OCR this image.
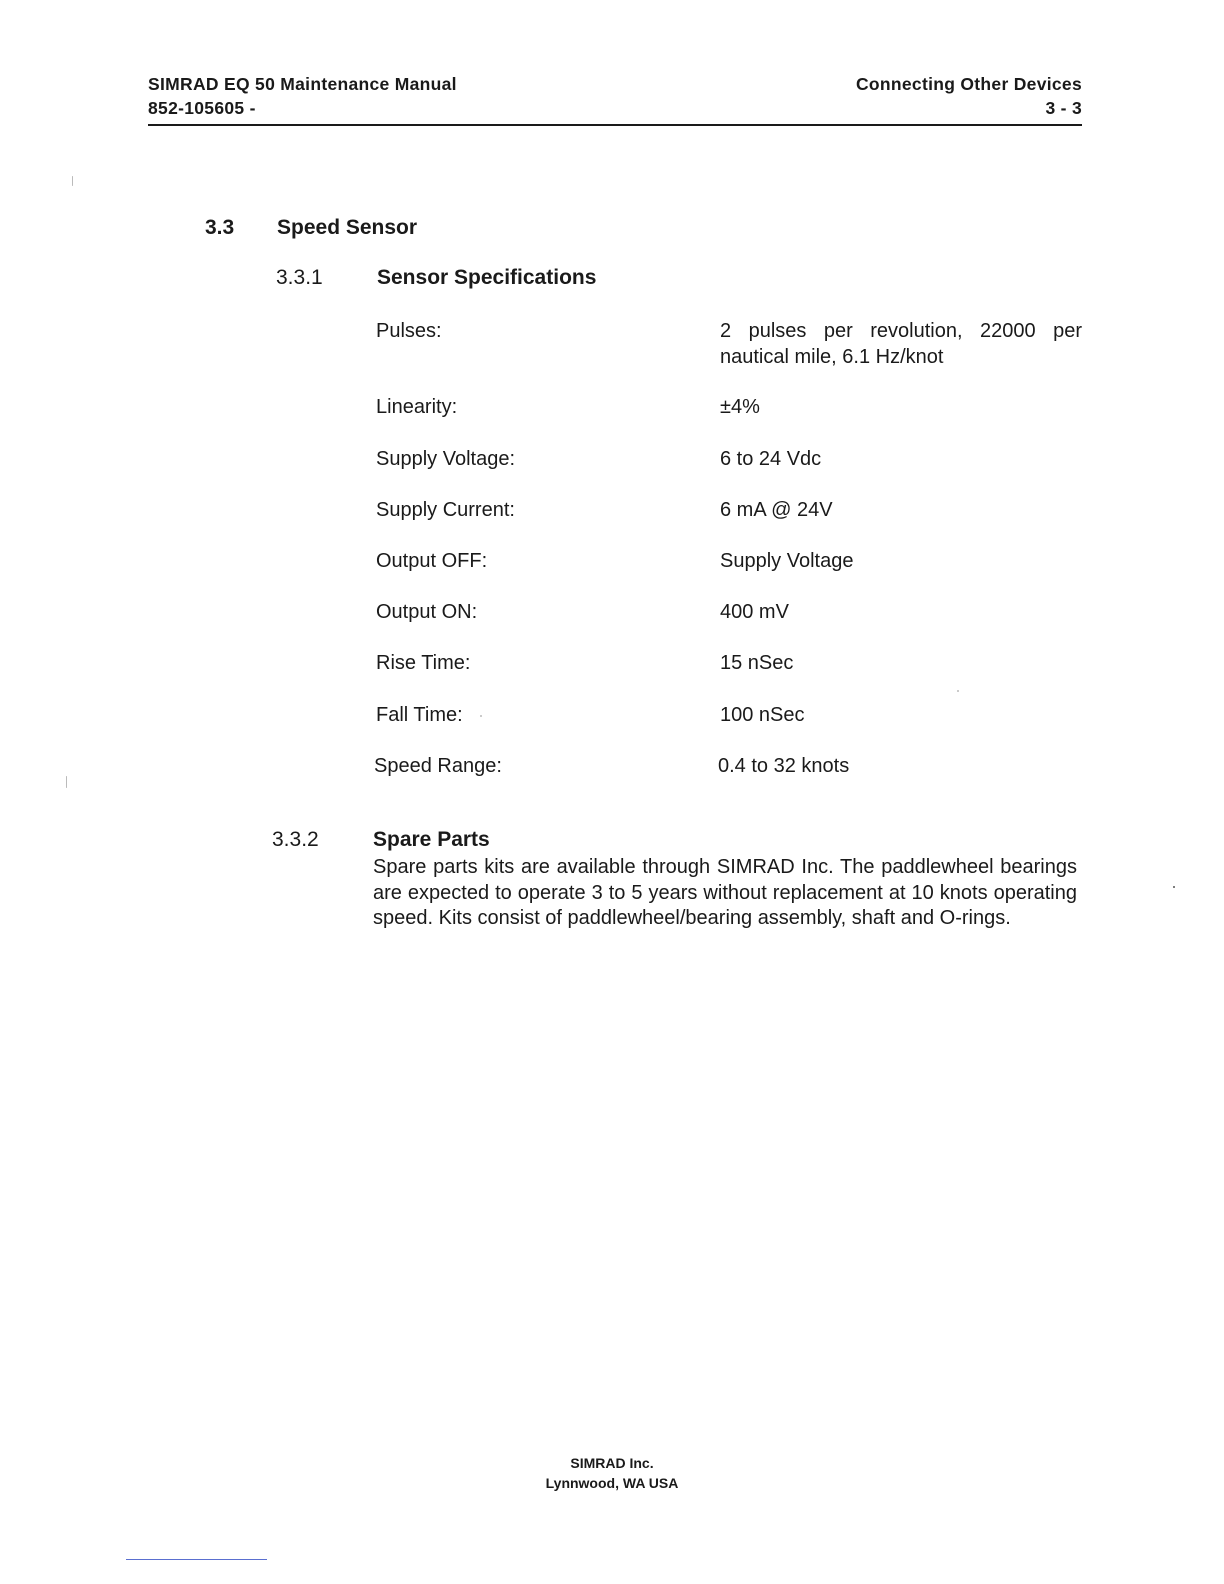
SIMRAD EQ 50 Maintenance Manual
852-105605 -
Connecting Other Devices
3 - 3
3.3 Speed Sensor
3.3.1	Sensor Specifications
Pulses:	2 pulses per revolution, 22000 per nautical mile, 6.1 Hz/knot
Linearity:	±4%
Supply Voltage:	6 to 24 Vdc
Supply Current:	6 mA @ 24V
Output OFF:	Supply Voltage
Output ON:	400 mV
Rise Time:	15 nSec
Fall Time:	100 nSec
Speed Range:	0.4 to 32 knots
3.3.2	Spare Parts
Spare parts kits are available through SIMRAD Inc. The paddlewheel bearings are expected to operate 3 to 5 years without replacement at 10 knots operating speed. Kits consist of paddlewheel/bearing assembly, shaft and O-rings.
SIMRAD Inc.
Lynnwood, WA USA
